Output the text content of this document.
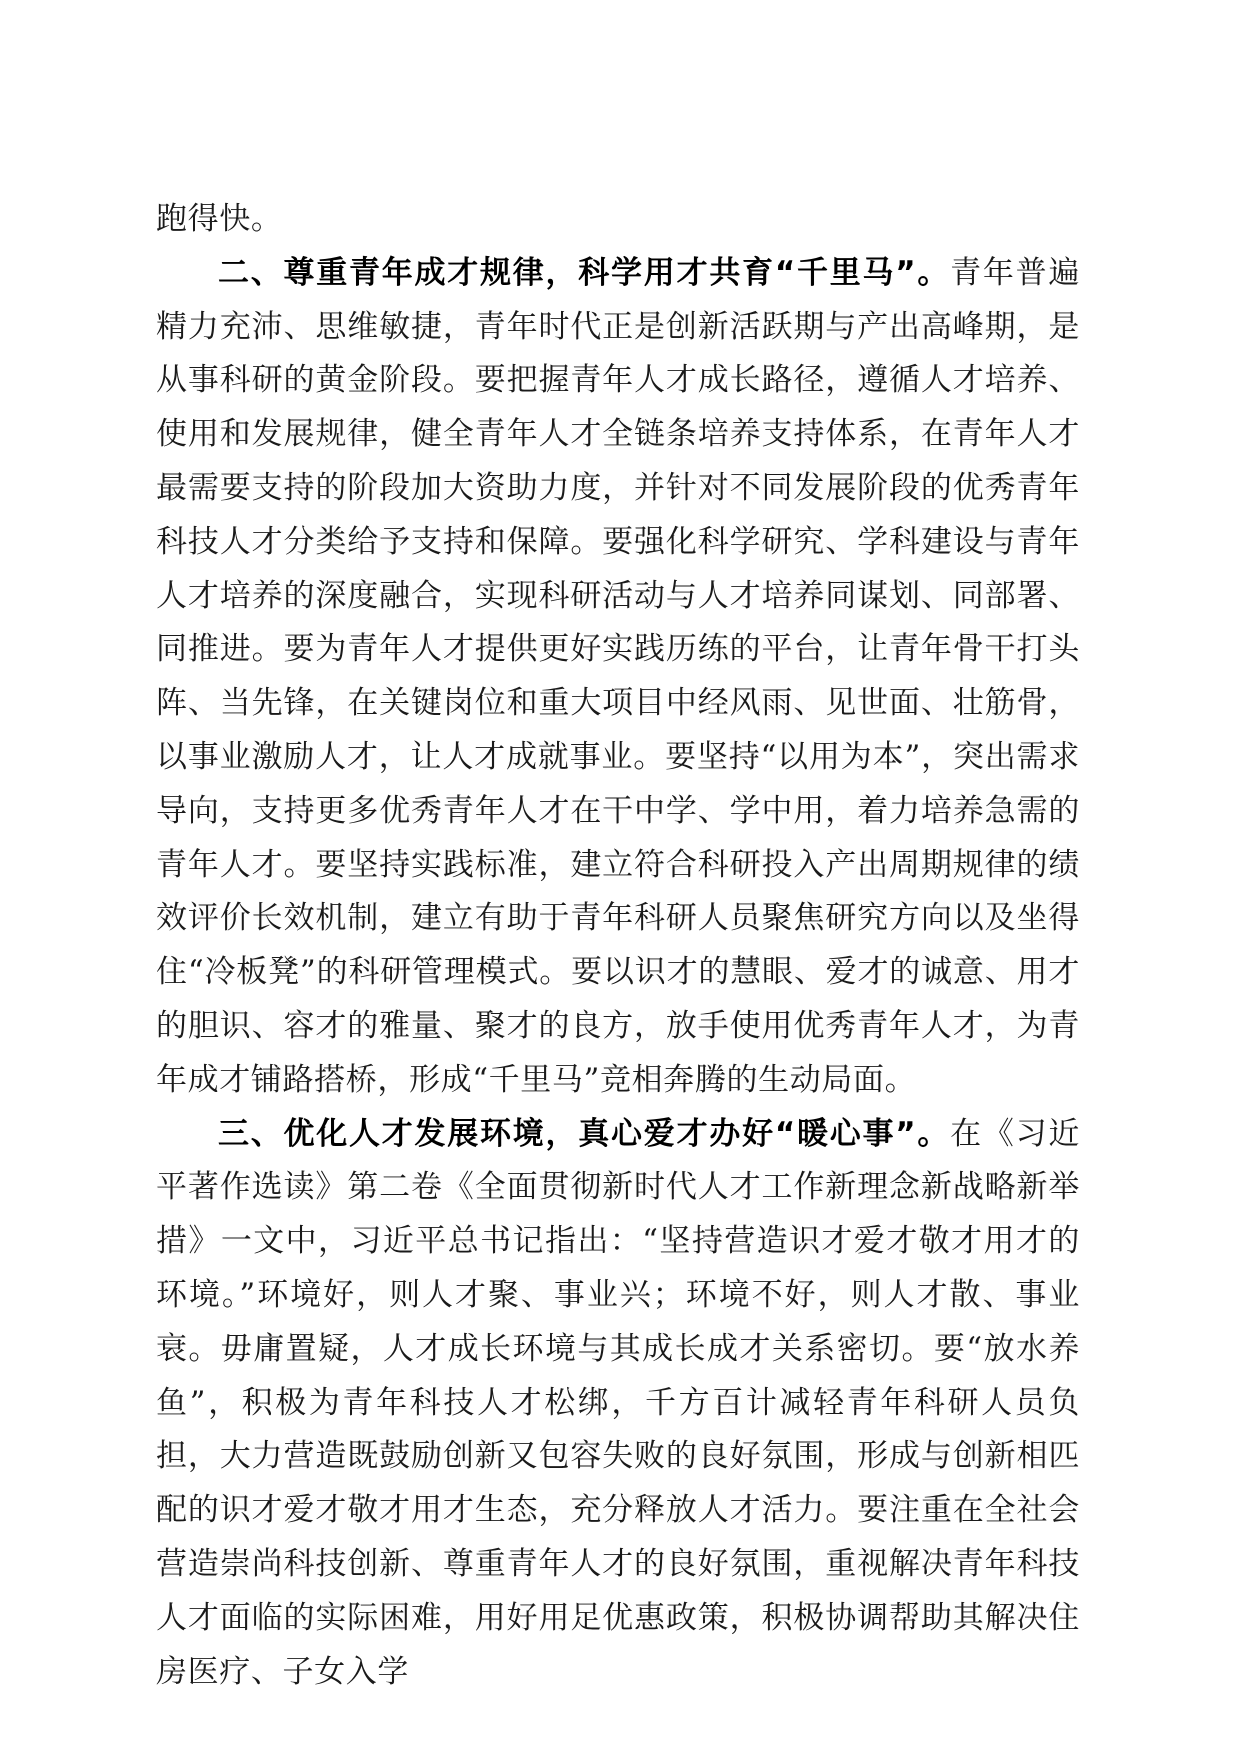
跑得快。

二、尊重青年成才规律，科学用才共育“千里马”。青年普遍精力充沛、思维敏捷，青年时代正是创新活跃期与产出高峰期，是从事科研的黄金阶段。要把握青年人才成长路径，遵循人才培养、使用和发展规律，健全青年人才全链条培养支持体系，在青年人才最需要支持的阶段加大资助力度，并针对不同发展阶段的优秀青年科技人才分类给予支持和保障。要强化科学研究、学科建设与青年人才培养的深度融合，实现科研活动与人才培养同谋划、同部署、同推进。要为青年人才提供更好实践历练的平台，让青年骨干打头阵、当先锋，在关键岗位和重大项目中经风雨、见世面、壮筋骨，以事业激励人才，让人才成就事业。要坚持“以用为本”，突出需求导向，支持更多优秀青年人才在干中学、学中用，着力培养急需的青年人才。要坚持实践标准，建立符合科研投入产出周期规律的绩效评价长效机制，建立有助于青年科研人员聚焦研究方向以及坐得住“冷板凳”的科研管理模式。要以识才的慧眼、爱才的诚意、用才的胆识、容才的雅量、聚才的良方，放手使用优秀青年人才，为青年成才铺路搭桥，形成“千里马”竞相奔腾的生动局面。

三、优化人才发展环境，真心爱才办好“暖心事”。在《习近平著作选读》第二卷《全面贯彻新时代人才工作新理念新战略新举措》一文中，习近平总书记指出：“坚持营造识才爱才敬才用才的环境。”环境好，则人才聚、事业兴；环境不好，则人才散、事业衰。毋庸置疑，人才成长环境与其成长成才关系密切。要“放水养鱼”，积极为青年科技人才松绑，千方百计减轻青年科研人员负担，大力营造既鼓励创新又包容失败的良好氛围，形成与创新相匹配的识才爱才敬才用才生态，充分释放人才活力。要注重在全社会营造崇尚科技创新、尊重青年人才的良好氛围，重视解决青年科技人才面临的实际困难，用好用足优惠政策，积极协调帮助其解决住房医疗、子女入学
